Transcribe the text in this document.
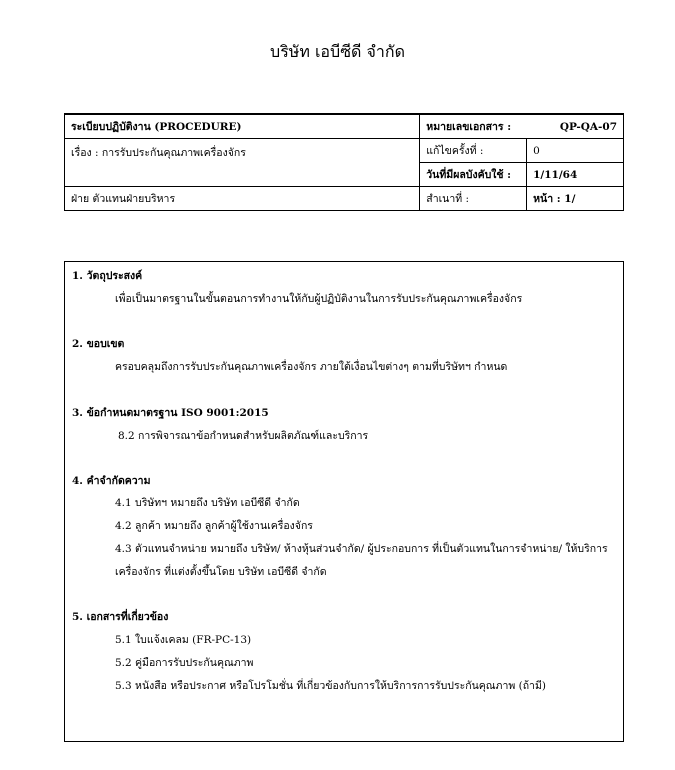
บริษัท เอบีซีดี จำกัด
ระเบียบปฏิบัติงาน (PROCEDURE)	หมายเลขเอกสาร : QP-QA-07	

เรื่อง : การรับประกันคุณภาพเครื่องจักร	แก้ไขครั้งที่ :	0
	วันที่มีผลบังคับใช้ :	1/11/64
ฝ่าย ตัวแทนฝ่ายบริหาร	สำเนาที่ :	หน้า : 1/
1. วัตถุประสงค์
เพื่อเป็นมาตรฐานในขั้นตอนการทำงานให้กับผู้ปฏิบัติงานในการรับประกันคุณภาพเครื่องจักร
2. ขอบเขต
ครอบคลุมถึงการรับประกันคุณภาพเครื่องจักร ภายใต้เงื่อนไขต่างๆ ตามที่บริษัทฯ กำหนด
3. ข้อกำหนดมาตรฐาน ISO 9001:2015
8.2 การพิจารณาข้อกำหนดสำหรับผลิตภัณฑ์และบริการ
4. คำจำกัดความ
4.1 บริษัทฯ หมายถึง บริษัท เอบีซีดี จำกัด
4.2 ลูกค้า หมายถึง ลูกค้าผู้ใช้งานเครื่องจักร
4.3 ตัวแทนจำหน่าย หมายถึง บริษัท/ ห้างหุ้นส่วนจำกัด/ ผู้ประกอบการ ที่เป็นตัวแทนในการจำหน่าย/ ให้บริการ
เครื่องจักร ที่แต่งตั้งขึ้นโดย บริษัท เอบีซีดี จำกัด
5. เอกสารที่เกี่ยวข้อง
5.1 ใบแจ้งเคลม (FR-PC-13)
5.2 คู่มือการรับประกันคุณภาพ
5.3 หนังสือ หรือประกาศ หรือโปรโมชั่น ที่เกี่ยวข้องกับการให้บริการการรับประกันคุณภาพ (ถ้ามี)
